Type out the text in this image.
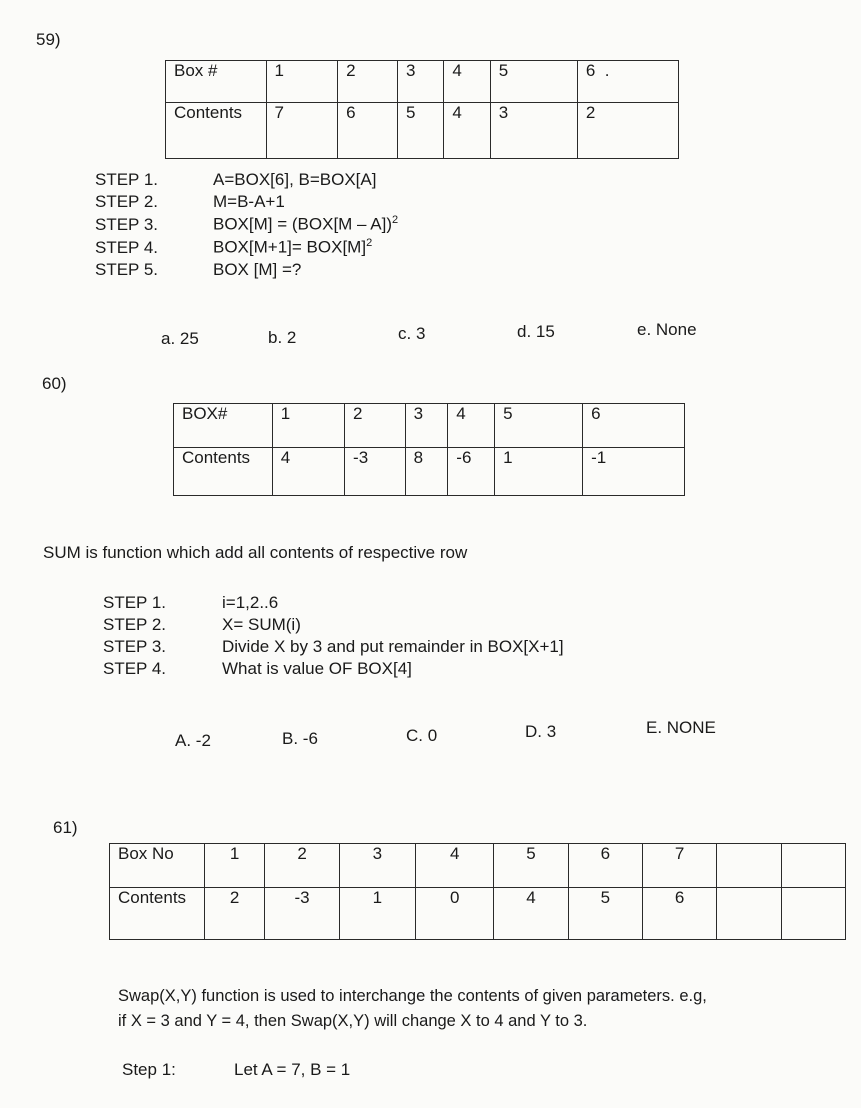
59)
Box #	1	2	3	4	5	6 .
Contents	7	6	5	4	3	2
STEP 1.	A=BOX[6], B=BOX[A]
STEP 2.	M=B-A+1
STEP 3.	BOX[M] = (BOX[M – A])$^2$
STEP 4.	$BOX[M+1]= BOX[M]^2$
STEP 5.	BOX [M] =?
a. 25	b. 2	c. 3	d. 15	e. None
60)
BOX#	1	2	3	4	5	6
Contents	4	-3	8	-6	1	-1
SUM is function which add all contents of respective row
STEP 1.	i=1,2..6
STEP 2.	X= SUM(i)
STEP 3.	Divide X by 3 and put remainder in BOX[X+1]
STEP 4.	What is value OF BOX[4]
A. -2	B. -6	C. 0	D. 3	E. NONE
61)
Box No	1	2	3	4	5	6	7		
Contents	2	-3	1	0	4	5	6		
Swap(X,Y) function is used to interchange the contents of given parameters. e.g,
if X = 3 and Y = 4, then Swap(X,Y) will change X to 4 and Y to 3.
Step 1:	Let A = 7, B = 1
